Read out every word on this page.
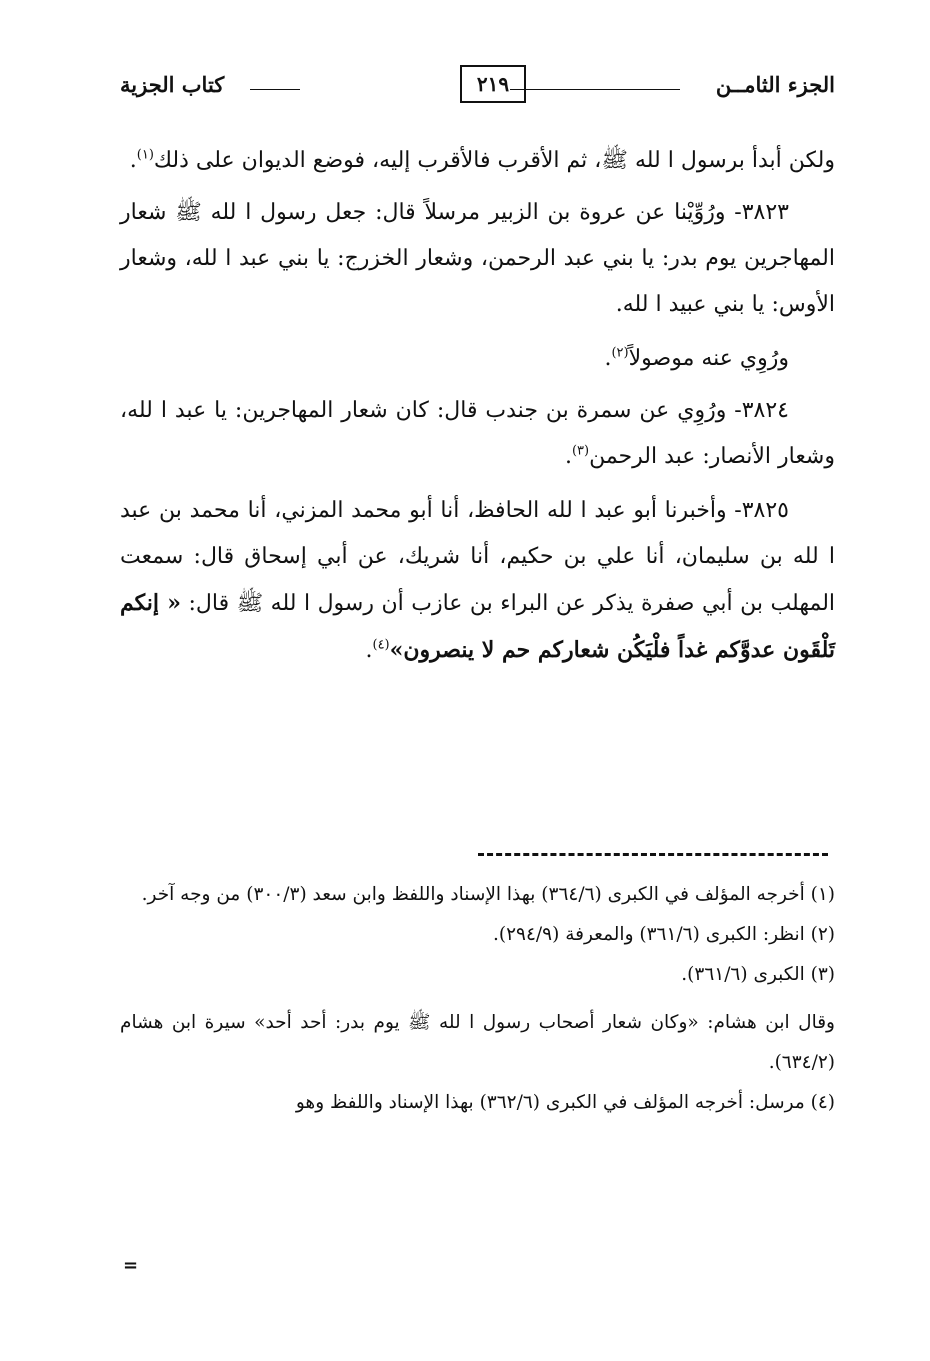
الجزء الثامــن
٢١٩
كتاب الجزية

ولكن أبدأ برسول ا لله ﷺ، ثم الأقرب فالأقرب إليه، فوضع الديوان على ذلك$^{(١)}$.

٣٨٢٣- ورُوِّيْنا عن عروة بن الزبير مرسلاً قال: جعل رسول ا لله ﷺ شعار المهاجرين يوم بدر: يا بني عبد الرحمن، وشعار الخزرج: يا بني عبد ا لله، وشعار الأوس: يا بني عبيد ا لله.

ورُوِي عنه موصولاً$^{(٢)}$.

٣٨٢٤- ورُوِي عن سمرة بن جندب قال: كان شعار المهاجرين: يا عبد ا لله، وشعار الأنصار: عبد الرحمن$^{(٣)}$.

٣٨٢٥- وأخبرنا أبو عبد ا لله الحافظ، أنا أبو محمد المزني، أنا محمد بن عبد ا لله بن سليمان، أنا علي بن حكيم، أنا شريك، عن أبي إسحاق قال: سمعت المهلب بن أبي صفرة يذكر عن البراء بن عازب أن رسول ا لله ﷺ قال: « إنكم تَلْقَون عدوَّكم غداً فلْيَكُن شعاركم حم لا ينصرون»$^{(٤)}$.

(١) أخرجه المؤلف في الكبرى (٣٦٤/٦) بهذا الإسناد واللفظ وابن سعد (٣٠٠/٣) من وجه آخر.

(٢) انظر: الكبرى (٣٦١/٦) والمعرفة (٢٩٤/٩).

(٣) الكبرى (٣٦١/٦).

وقال ابن هشام: «وكان شعار أصحاب رسول ا لله ﷺ يوم بدر: أحد أحد» سيرة ابن هشام (٦٣٤/٢).

(٤) مرسل: أخرجه المؤلف في الكبرى (٣٦٢/٦) بهذا الإسناد واللفظ وهو

=
